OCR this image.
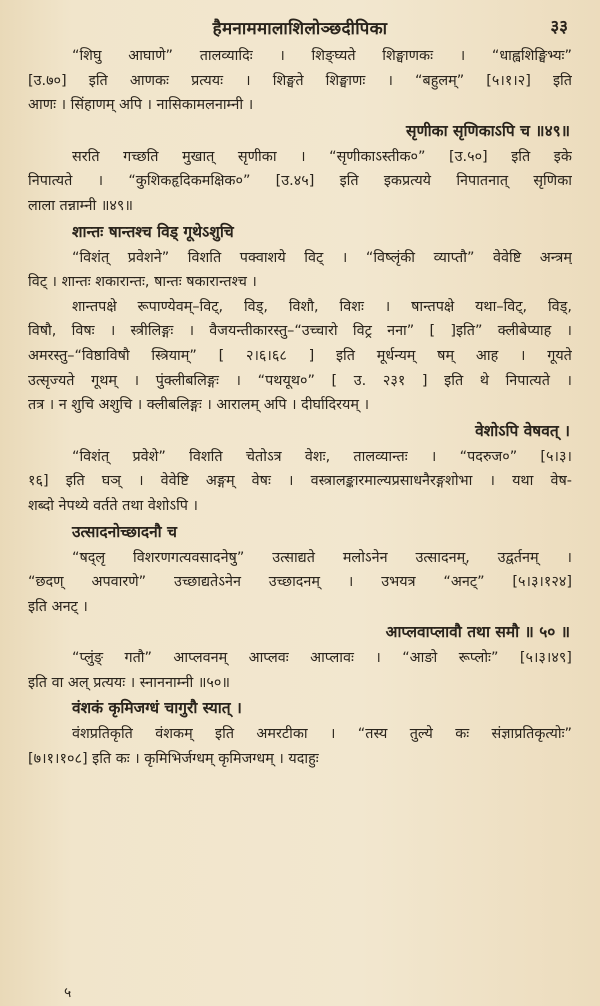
हैमनाममालाशिलोञ्छदीपिका	३३
“शिघु आघाणे” तालव्यादिः । शिङ्घ्यते शिङ्घाणकः । “धाह्वशिङ्घिभ्यः”
[उ.७०] इति आणकः प्रत्ययः । शिङ्घते शिङ्घाणः । “बहुलम्” [५।१।२] इति
आणः । सिंहाणम् अपि । नासिकामलनाम्नी ।
सृणीका सृणिकाऽपि च ॥४९॥
सरति गच्छति मुखात् सृणीका । “सृणीकाऽस्तीक०” [उ.५०] इति इके
निपात्यते । “कुशिकहृदिकमक्षिक०” [उ.४५] इति इकप्रत्यये निपातनात् सृणिका
लाला तन्नाम्नी ॥४९॥
शान्तः षान्तश्च विड् गूथेऽशुचि
“विशंत् प्रवेशने” विशति पक्वाशये विट् । “विष्लृंकी व्याप्तौ” वेवेष्टि अन्त्रम्
विट् । शान्तः शकारान्तः, षान्तः षकारान्तश्च ।
शान्तपक्षे रूपाण्येवम्–विट्, विड्, विशौ, विशः । षान्तपक्षे यथा–विट्, विड्,
विषौ, विषः । स्त्रीलिङ्गः । वैजयन्तीकारस्तु–“उच्चारो विट्र नना” [ ]इति” क्लीबेप्याह ।
अमरस्तु–“विष्ठाविषौ स्त्रियाम्” [ २।६।६८ ] इति मूर्धन्यम् षम् आह । गूयते
उत्सृज्यते गूथम् । पुंक्लीबलिङ्गः । “पथयूथ०” [ उ. २३१ ] इति थे निपात्यते ।
तत्र । न शुचि अशुचि । क्लीबलिङ्गः । आरालम् अपि । दीर्घादिरयम् ।
वेशोऽपि वेषवत् ।
“विशंत् प्रवेशे” विशति चेतोऽत्र वेशः, तालव्यान्तः । “पदरुज०” [५।३।
१६] इति घञ् । वेवेष्टि अङ्गम् वेषः । वस्त्रालङ्कारमाल्यप्रसाधनैरङ्गशोभा । यथा वेष-
शब्दो नेपथ्ये वर्तते तथा वेशोऽपि ।
उत्सादनोच्छादनौ च
“षद्लृ विशरणगत्यवसादनेषु” उत्साद्यते मलोऽनेन उत्सादनम्, उद्वर्तनम् ।
“छदण् अपवारणे” उच्छाद्यतेऽनेन उच्छादनम् । उभयत्र “अनट्” [५।३।१२४]
इति अनट् ।
आप्लवाप्लावौ तथा समौ ॥ ५० ॥
“प्लुंङ् गतौ” आप्लवनम् आप्लवः आप्लावः । “आङो रूप्लोः” [५।३।४९]
इति वा अल् प्रत्ययः । स्नाननाम्नी ॥५०॥
वंशकं कृमिजग्धं चागुरौ स्यात् ।
वंशप्रतिकृति वंशकम् इति अमरटीका । “तस्य तुल्ये कः संज्ञाप्रतिकृत्योः”
[७।१।१०८] इति कः । कृमिभिर्जग्धम् कृमिजग्धम् । यदाहुः
५
